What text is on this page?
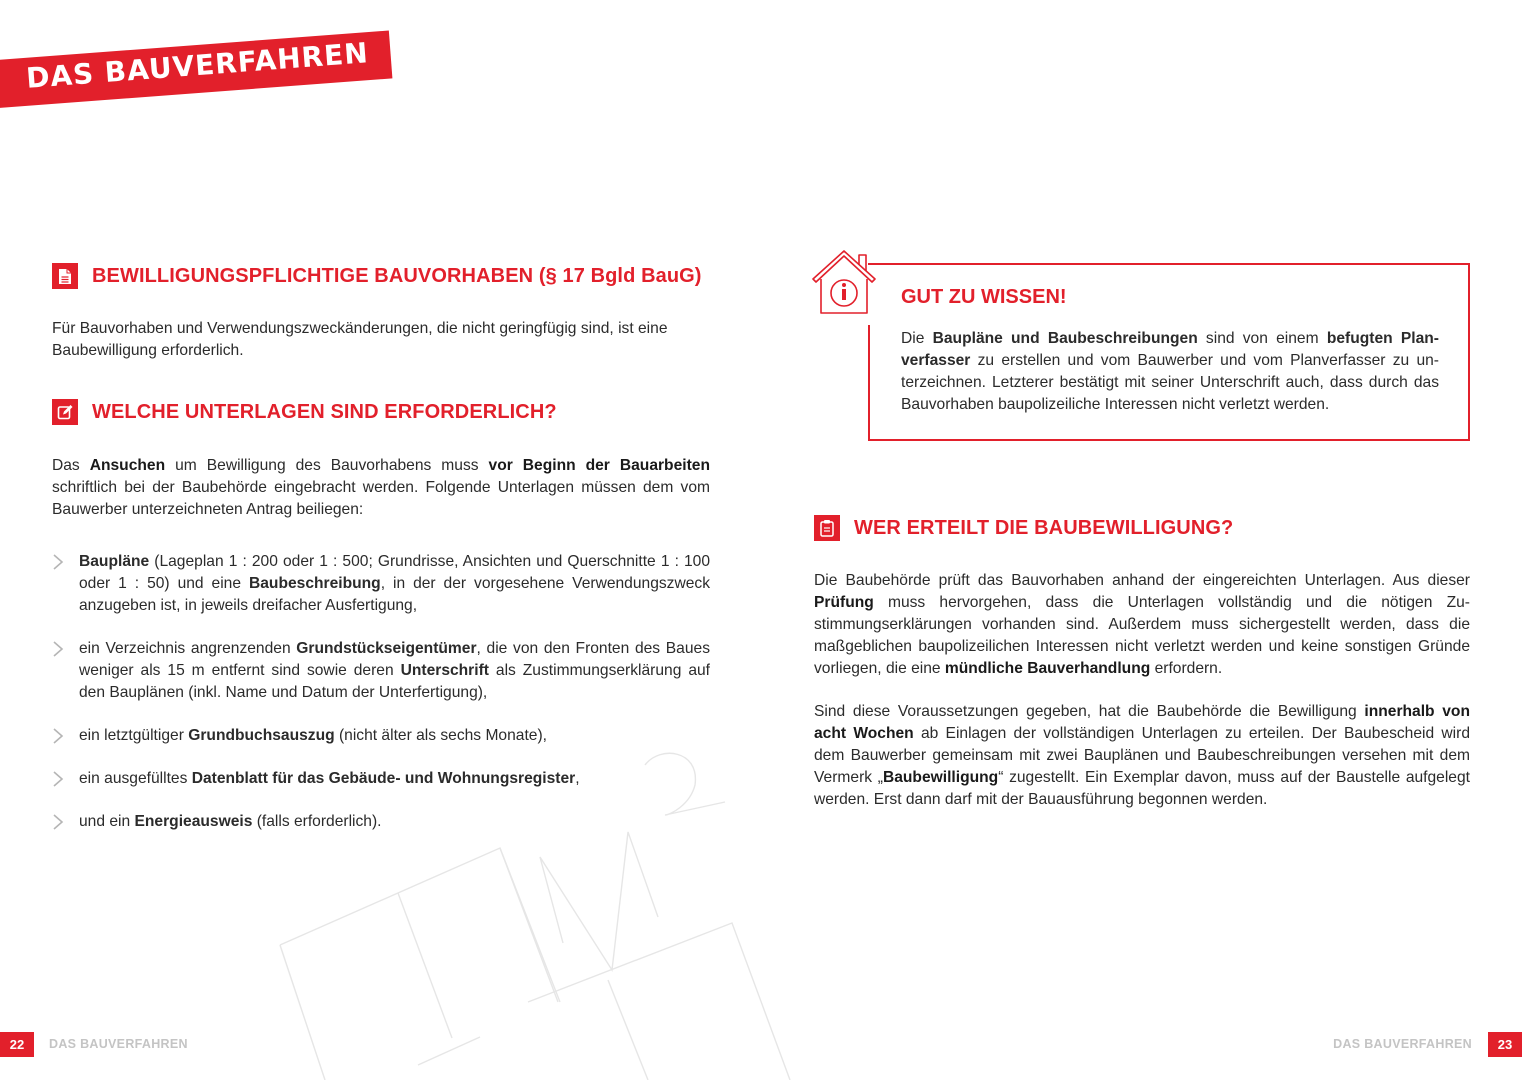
DAS BAUVERFAHREN
BEWILLIGUNGSPFLICHTIGE BAUVORHABEN (§ 17 Bgld BauG)

Für Bauvorhaben und Verwendungszweckänderungen, die nicht geringfügig sind, ist eine Baubewilligung erforderlich.

WELCHE UNTERLAGEN SIND ERFORDERLICH?

Das Ansuchen um Bewilligung des Bauvorhabens muss vor Beginn der Bauarbeiten schriftlich bei der Baubehörde eingebracht werden. Folgende Unterlagen müssen dem vom Bauwerber unterzeichneten Antrag beiliegen:

Baupläne (Lageplan 1 : 200 oder 1 : 500; Grundrisse, Ansichten und Querschnitte 1 : 100 oder 1 : 50) und eine Baubeschreibung, in der der vorgesehene Verwendungszweck anzugeben ist, in jeweils dreifacher Ausfertigung,
ein Verzeichnis angrenzenden Grundstückseigentümer, die von den Fronten des Baues weniger als 15 m entfernt sind sowie deren Unterschrift als Zustimmungserklärung auf den Bauplänen (inkl. Name und Datum der Unterfertigung),
ein letztgültiger Grundbuchsauszug (nicht älter als sechs Monate),
ein ausgefülltes Datenblatt für das Gebäude- und Wohnungsregister,
und ein Energieausweis (falls erforderlich).
GUT ZU WISSEN!

Die Baupläne und Baubeschreibungen sind von einem befugten Planverfasser zu erstellen und vom Bauwerber und vom Planverfasser zu unterzeichnen. Letzterer bestätigt mit seiner Unterschrift auch, dass durch das Bauvorhaben baupolizeiliche Interessen nicht verletzt werden.

WER ERTEILT DIE BAUBEWILLIGUNG?

Die Baubehörde prüft das Bauvorhaben anhand der eingereichten Unterlagen. Aus dieser Prüfung muss hervorgehen, dass die Unterlagen vollständig und die nötigen Zustimmungserklärungen vorhanden sind. Außerdem muss sichergestellt werden, dass die maßgeblichen baupolizeilichen Interessen nicht verletzt werden und keine sonstigen Gründe vorliegen, die eine mündliche Bauverhandlung erfordern.

Sind diese Voraussetzungen gegeben, hat die Baubehörde die Bewilligung innerhalb von acht Wochen ab Einlagen der vollständigen Unterlagen zu erteilen. Der Baubescheid wird dem Bauwerber gemeinsam mit zwei Bauplänen und Baubeschreibungen versehen mit dem Vermerk „Baubewilligung“ zugestellt. Ein Exemplar davon, muss auf der Baustelle aufgelegt werden. Erst dann darf mit der Bauausführung begonnen werden.

22	DAS BAUVERFAHREN	DAS BAUVERFAHREN	23
